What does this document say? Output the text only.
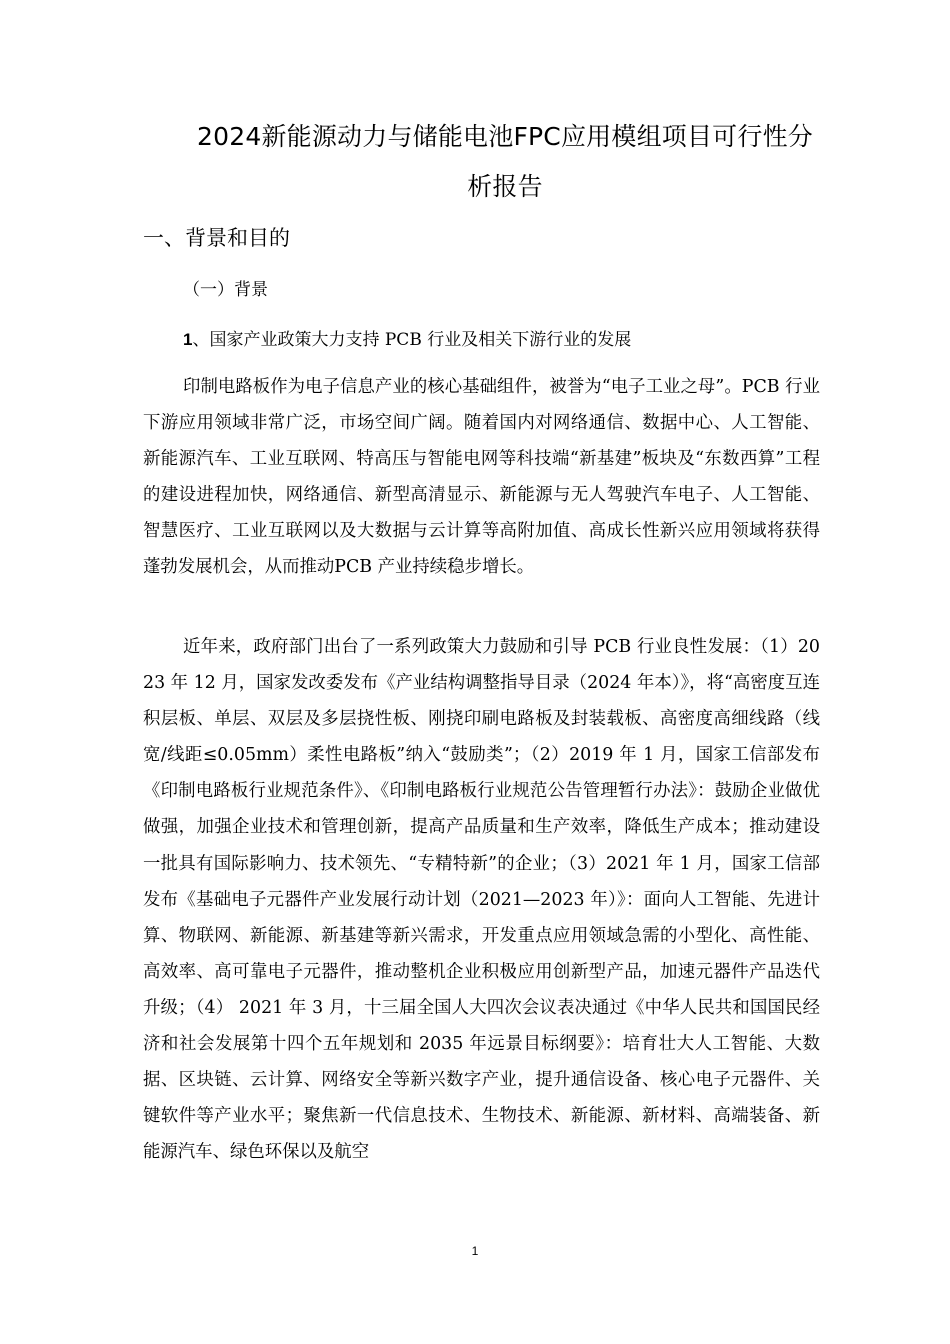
2024新能源动力与储能电池FPC应用模组项目可行性分析报告
一、背景和目的
（一）背景

1、国家产业政策大力支持 PCB 行业及相关下游行业的发展

印制电路板作为电子信息产业的核心基础组件，被誉为“电子工业之母”。PCB 行业下游应用领域非常广泛，市场空间广阔。随着国内对网络通信、数据中心、人工智能、新能源汽车、工业互联网、特高压与智能电网等科技端“新基建”板块及“东数西算”工程的建设进程加快，网络通信、新型高清显示、新能源与无人驾驶汽车电子、人工智能、智慧医疗、工业互联网以及大数据与云计算等高附加值、高成长性新兴应用领域将获得蓬勃发展机会，从而推动PCB 产业持续稳步增长。

近年来，政府部门出台了一系列政策大力鼓励和引导 PCB 行业良性发展：（1）2023 年 12 月，国家发改委发布《产业结构调整指导目录（2024 年本）》，将“高密度互连积层板、单层、双层及多层挠性板、刚挠印刷电路板及封装载板、高密度高细线路（线宽/线距≤0.05mm）柔性电路板”纳入“鼓励类”；（2）2019 年 1 月，国家工信部发布《印制电路板行业规范条件》、《印制电路板行业规范公告管理暂行办法》：鼓励企业做优做强，加强企业技术和管理创新，提高产品质量和生产效率，降低生产成本；推动建设一批具有国际影响力、技术领先、“专精特新”的企业；（3）2021 年 1 月，国家工信部发布《基础电子元器件产业发展行动计划（2021—2023 年）》：面向人工智能、先进计算、物联网、新能源、新基建等新兴需求，开发重点应用领域急需的小型化、高性能、高效率、高可靠电子元器件，推动整机企业积极应用创新型产品，加速元器件产品迭代升级；（4） 2021 年 3 月，十三届全国人大四次会议表决通过《中华人民共和国国民经济和社会发展第十四个五年规划和 2035 年远景目标纲要》：培育壮大人工智能、大数据、区块链、云计算、网络安全等新兴数字产业，提升通信设备、核心电子元器件、关键软件等产业水平；聚焦新一代信息技术、生物技术、新能源、新材料、高端装备、新能源汽车、绿色环保以及航空

1
